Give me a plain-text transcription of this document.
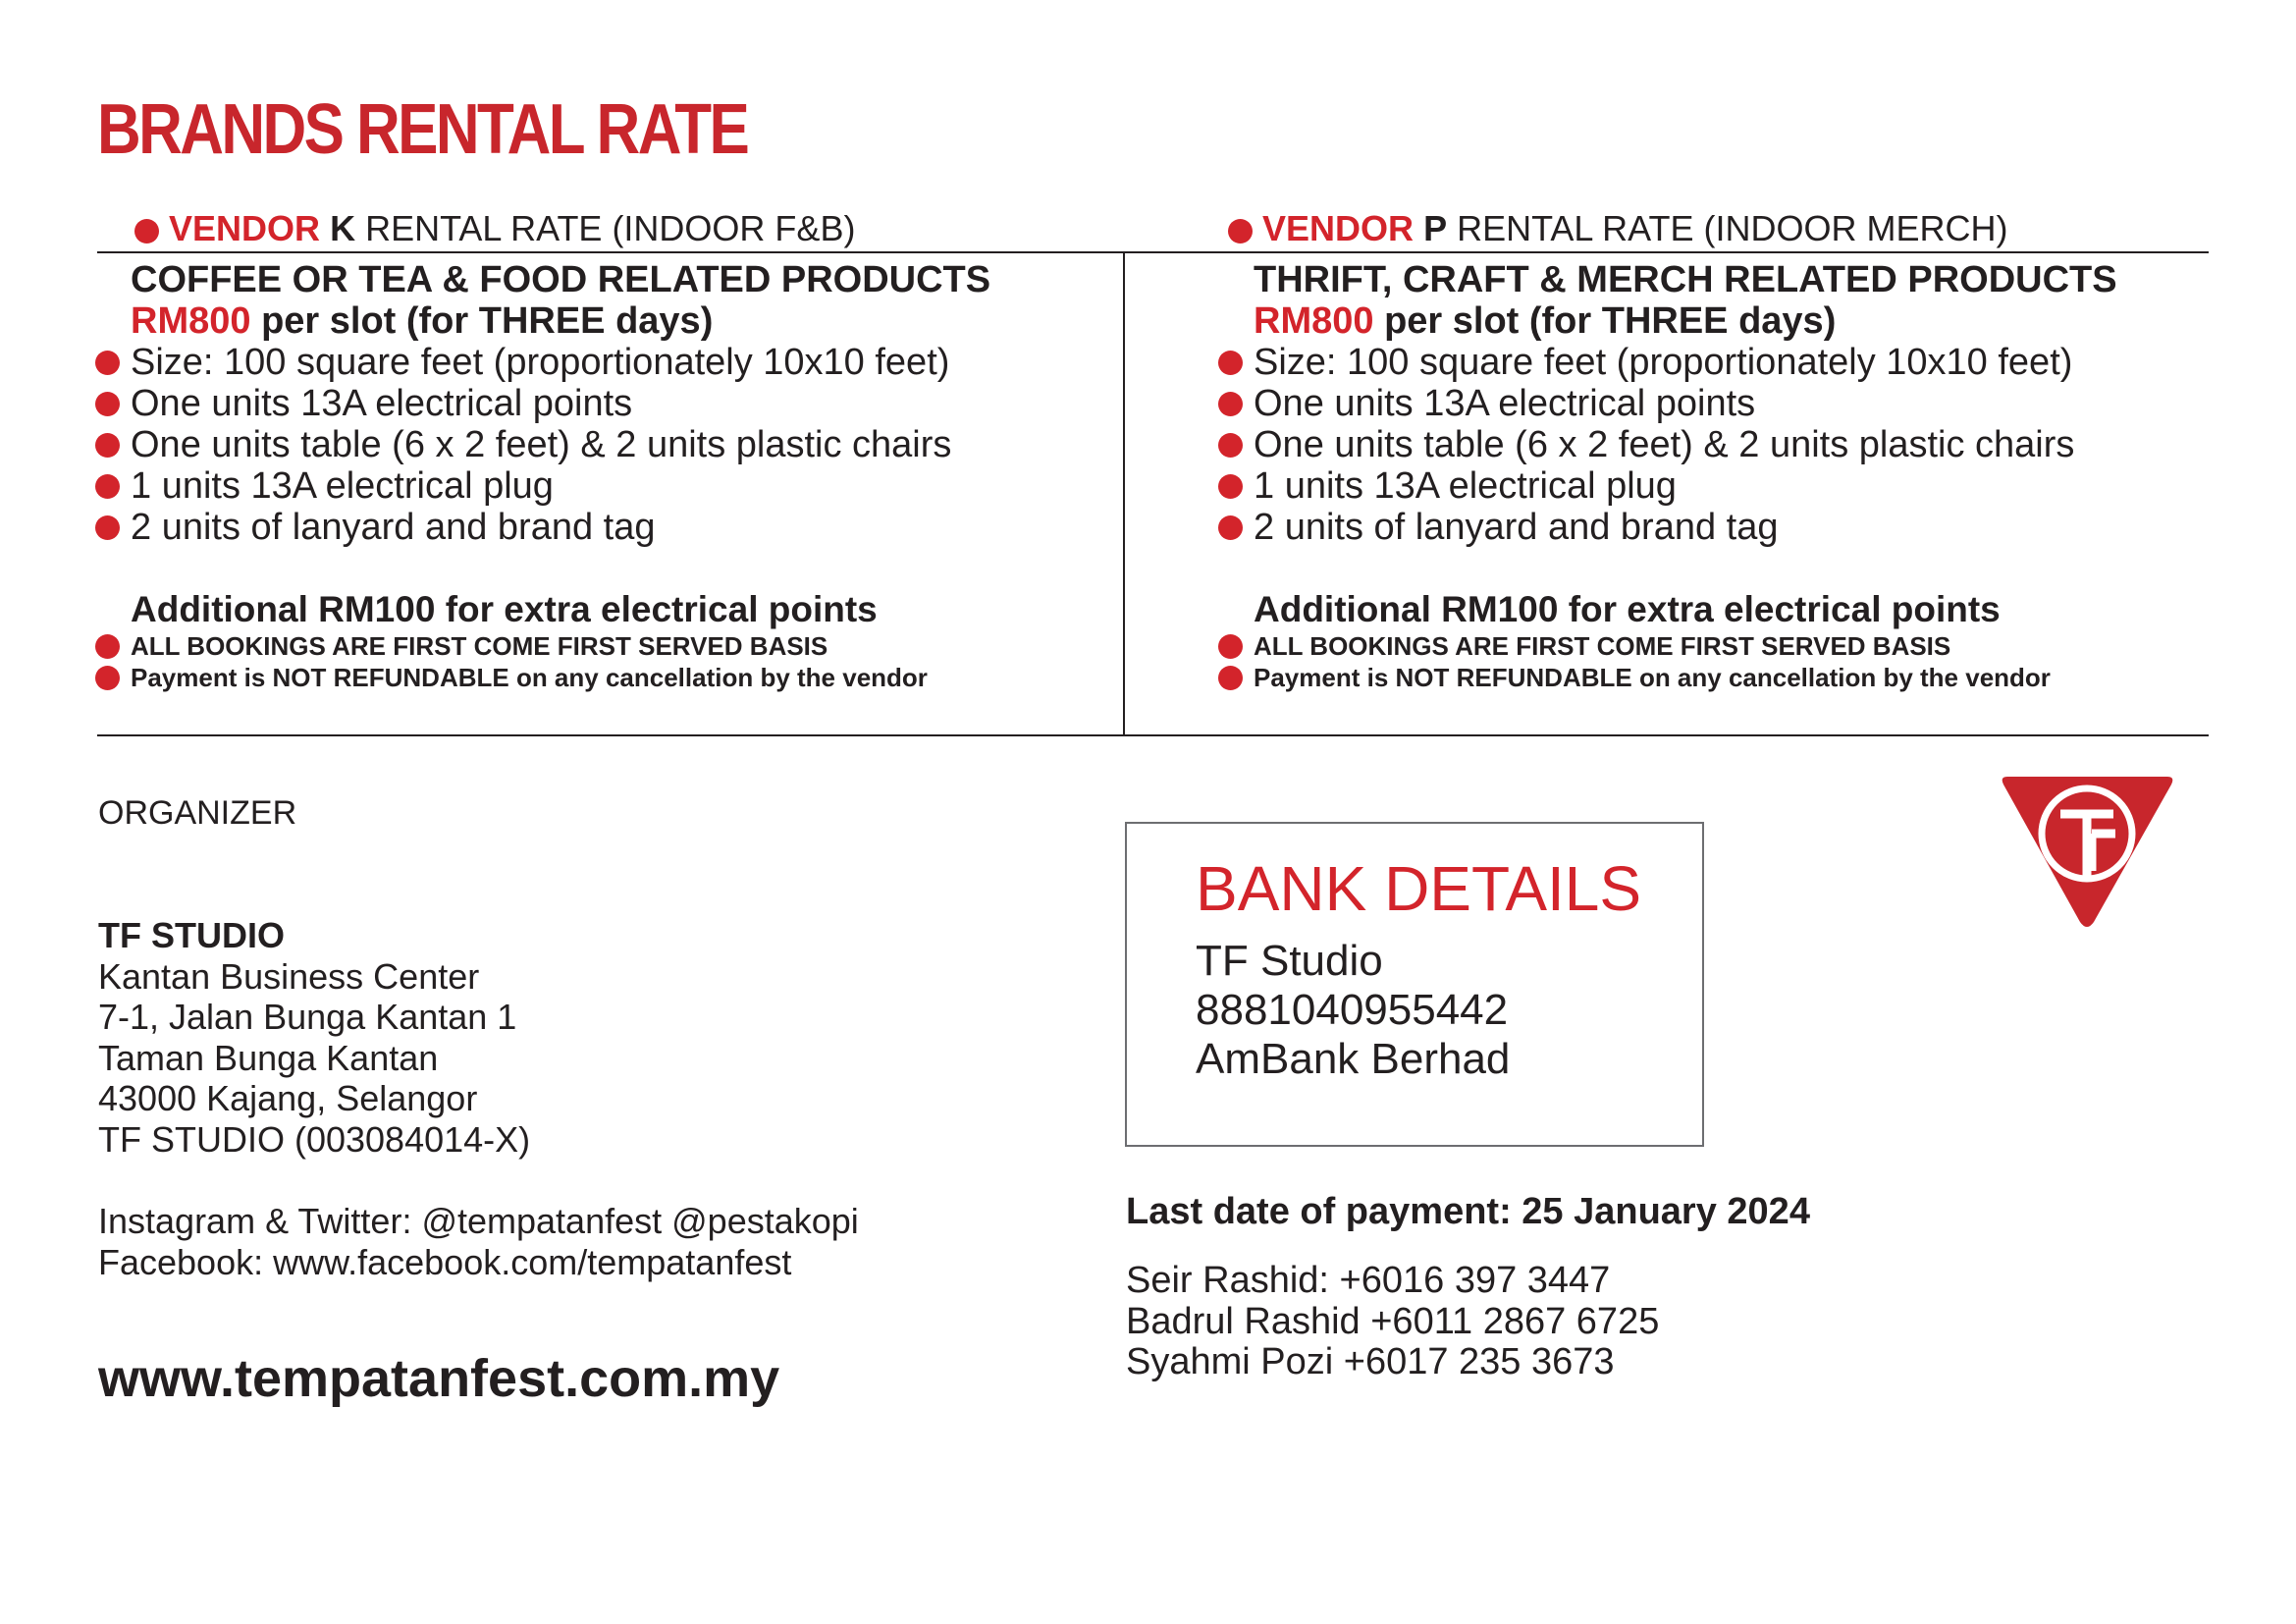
BRANDS RENTAL RATE
VENDOR K RENTAL RATE (INDOOR F&B)	VENDOR P RENTAL RATE (INDOOR MERCH)
COFFEE OR TEA & FOOD RELATED PRODUCTS
RM800 per slot (for THREE days)
Size: 100 square feet (proportionately 10x10 feet)
One units 13A electrical points
One units table (6 x 2 feet) & 2 units plastic chairs
1 units 13A electrical plug
2 units of lanyard and brand tag
Additional RM100 for extra electrical points
ALL BOOKINGS ARE FIRST COME FIRST SERVED BASIS
Payment is NOT REFUNDABLE on any cancellation by the vendor
THRIFT, CRAFT & MERCH RELATED PRODUCTS
RM800 per slot (for THREE days)
Size: 100 square feet (proportionately 10x10 feet)
One units 13A electrical points
One units table (6 x 2 feet) & 2 units plastic chairs
1 units 13A electrical plug
2 units of lanyard and brand tag
Additional RM100 for extra electrical points
ALL BOOKINGS ARE FIRST COME FIRST SERVED BASIS
Payment is NOT REFUNDABLE on any cancellation by the vendor
ORGANIZER
TF STUDIO
Kantan Business Center
7-1, Jalan Bunga Kantan 1
Taman Bunga Kantan
43000 Kajang, Selangor
TF STUDIO (003084014-X)
Instagram & Twitter: @tempatanfest @pestakopi
Facebook: www.facebook.com/tempatanfest
www.tempatanfest.com.my
BANK DETAILS
TF Studio
8881040955442
AmBank Berhad
Last date of payment: 25 January 2024
Seir Rashid: +6016 397 3447
Badrul Rashid +6011 2867 6725
Syahmi Pozi +6017 235 3673
